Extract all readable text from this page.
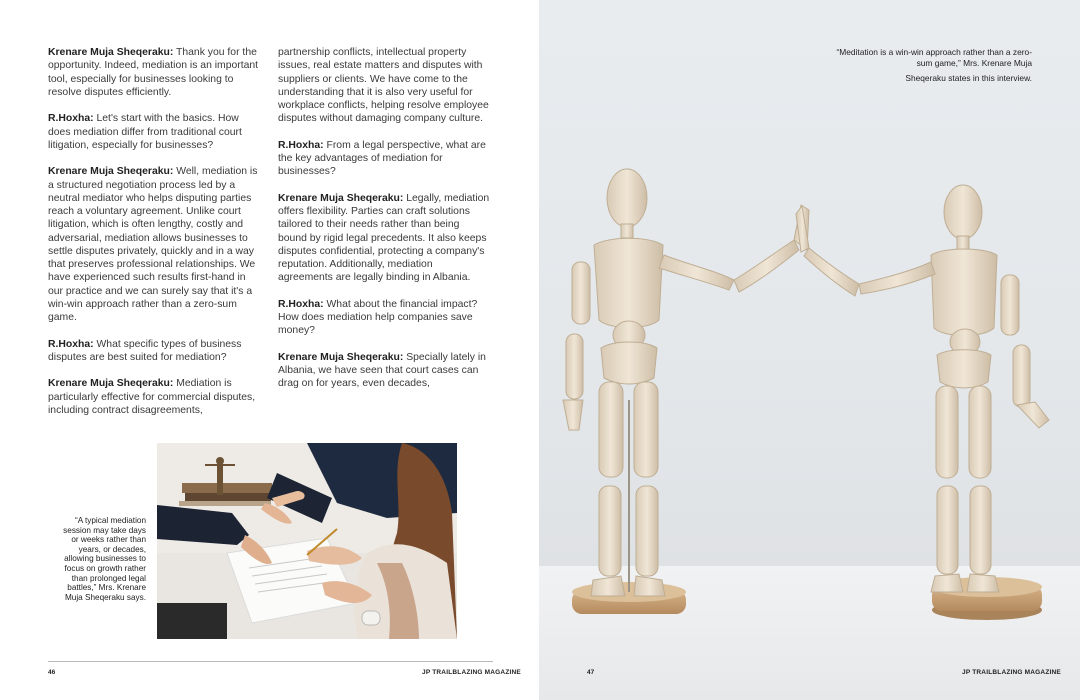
Krenare Muja Sheqeraku: Thank you for the opportunity. Indeed, mediation is an important tool, especially for businesses looking to resolve disputes efficiently.

R.Hoxha: Let's start with the basics. How does mediation differ from traditional court litigation, especially for businesses?

Krenare Muja Sheqeraku: Well, mediation is a structured negotiation process led by a neutral mediator who helps disputing parties reach a voluntary agreement. Unlike court litigation, which is often lengthy, costly and adversarial, mediation allows businesses to settle disputes privately, quickly and in a way that preserves professional relationships. We have experienced such results first-hand in our practice and we can surely say that it's a win-win approach rather than a zero-sum game.

R.Hoxha: What specific types of business disputes are best suited for mediation?

Krenare Muja Sheqeraku: Mediation is particularly effective for commercial disputes, including contract disagreements,

partnership conflicts, intellectual property issues, real estate matters and disputes with suppliers or clients. We have come to the understanding that it is also very useful for workplace conflicts, helping resolve employee disputes without damaging company culture.

R.Hoxha: From a legal perspective, what are the key advantages of mediation for businesses?

Krenare Muja Sheqeraku: Legally, mediation offers flexibility. Parties can craft solutions tailored to their needs rather than being bound by rigid legal precedents. It also keeps disputes confidential, protecting a company's reputation. Additionally, mediation agreements are legally binding in Albania.

R.Hoxha: What about the financial impact? How does mediation help companies save money?

Krenare Muja Sheqeraku: Specially lately in Albania, we have seen that court cases can drag on for years, even decades,

“A typical mediation session may take days or weeks rather than years, or decades, allowing businesses to focus on growth rather than prolonged legal battles,” Mrs. Krenare Muja Sheqeraku says.
46	JP TRAILBLAZING MAGAZINE

“Meditation is a win-win approach rather than a zero-sum game,” Mrs. Krenare Muja

Sheqeraku states in this interview.

47	JP TRAILBLAZING MAGAZINE
